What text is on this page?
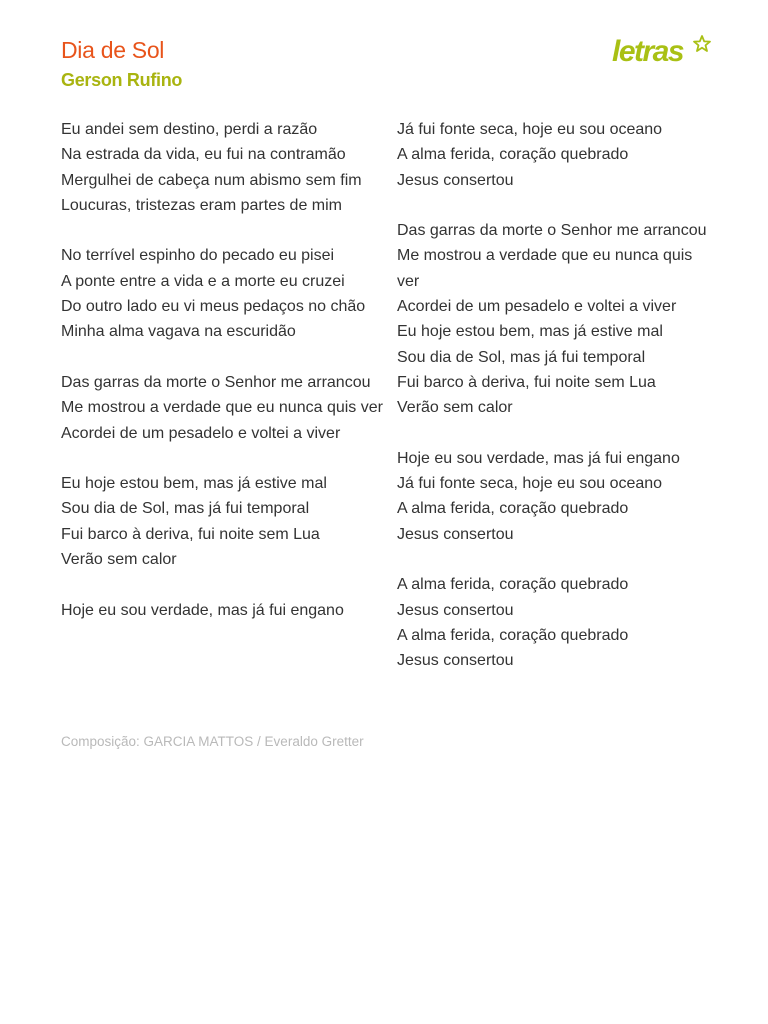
Dia de Sol
Gerson Rufino
letras
Eu andei sem destino, perdi a razão
Na estrada da vida, eu fui na contramão
Mergulhei de cabeça num abismo sem fim
Loucuras, tristezas eram partes de mim
No terrível espinho do pecado eu pisei
A ponte entre a vida e a morte eu cruzei
Do outro lado eu vi meus pedaços no chão
Minha alma vagava na escuridão
Das garras da morte o Senhor me arrancou
Me mostrou a verdade que eu nunca quis ver
Acordei de um pesadelo e voltei a viver
Eu hoje estou bem, mas já estive mal
Sou dia de Sol, mas já fui temporal
Fui barco à deriva, fui noite sem Lua
Verão sem calor
Hoje eu sou verdade, mas já fui engano
Já fui fonte seca, hoje eu sou oceano
A alma ferida, coração quebrado
Jesus consertou
Das garras da morte o Senhor me arrancou
Me mostrou a verdade que eu nunca quis ver
Acordei de um pesadelo e voltei a viver
Eu hoje estou bem, mas já estive mal
Sou dia de Sol, mas já fui temporal
Fui barco à deriva, fui noite sem Lua
Verão sem calor
Hoje eu sou verdade, mas já fui engano
Já fui fonte seca, hoje eu sou oceano
A alma ferida, coração quebrado
Jesus consertou
A alma ferida, coração quebrado
Jesus consertou
A alma ferida, coração quebrado
Jesus consertou
Composição: GARCIA MATTOS / Everaldo Gretter
